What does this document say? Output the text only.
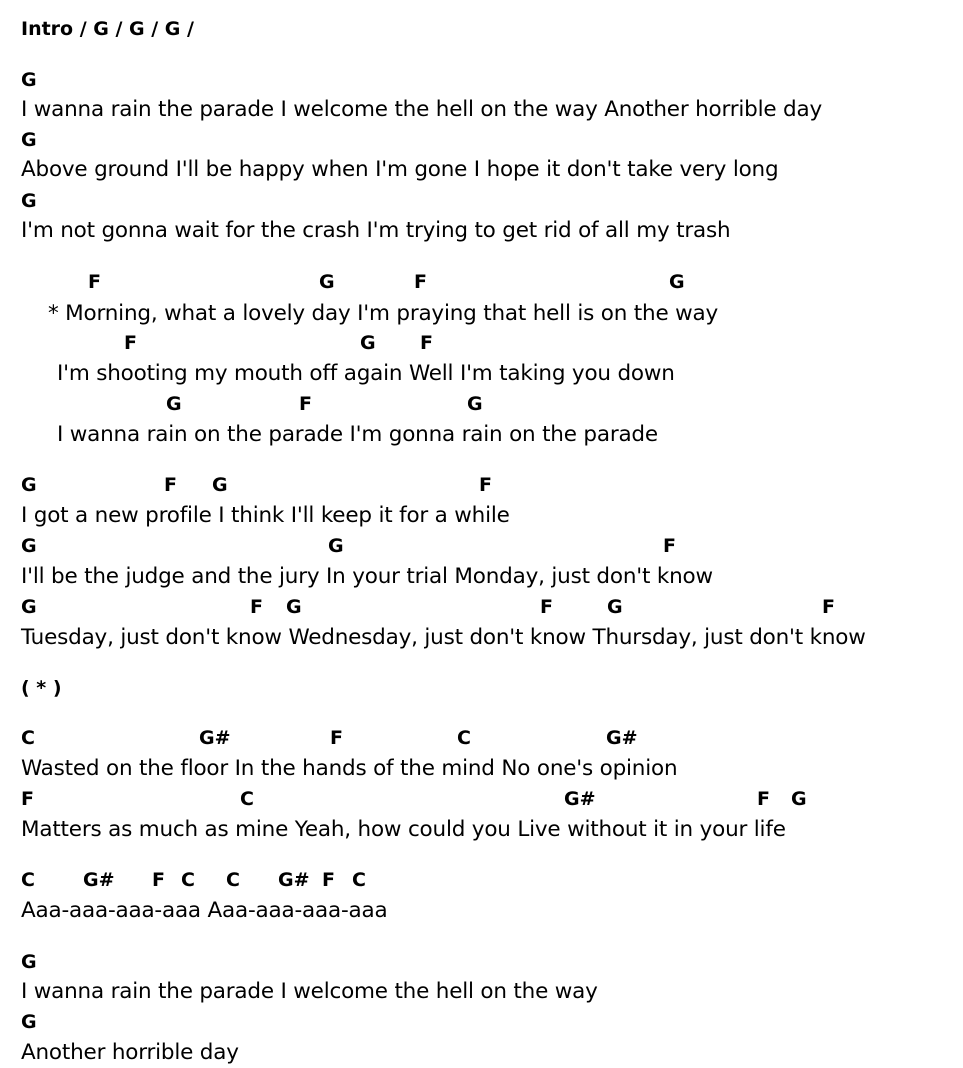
Intro / G / G / G /
G
I wanna rain the parade I welcome the hell on the way Another horrible day
G
Above ground I'll be happy when I'm gone I hope it don't take very long
G
I'm not gonna wait for the crash I'm trying to get rid of all my trash
F	G	F	G
* Morning, what a lovely day I'm praying that hell is on the way
F	G F
I'm shooting my mouth off again Well I'm taking you down
G	F	G
I wanna rain on the parade I'm gonna rain on the parade
G	F G	F
I got a new profile I think I'll keep it for a while
G	G	F
I'll be the judge and the jury In your trial Monday, just don't know
G	F G	F	G	F
Tuesday, just don't know Wednesday, just don't know Thursday, just don't know
( * )
C	G#	F	C	G#
Wasted on the floor In the hands of the mind No one's opinion
F	C	G#	F G
Matters as much as mine Yeah, how could you Live without it in your life
C	G# F C C G# F C
Aaa-aaa-aaa-aaa Aaa-aaa-aaa-aaa
G
I wanna rain the parade I welcome the hell on the way
G
Another horrible day
